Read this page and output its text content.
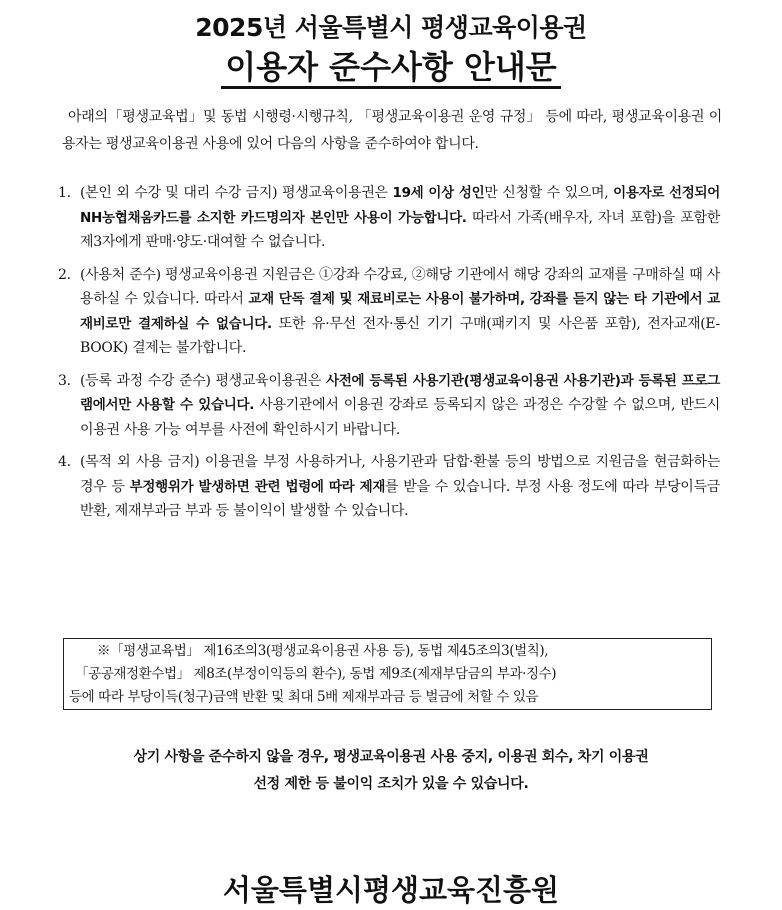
2025년 서울특별시 평생교육이용권
이용자 준수사항 안내문

아래의「평생교육법」및 동법 시행령·시행규칙, 「평생교육이용권 운영 규정」 등에 따라, 평생교육이용권 이용자는 평생교육이용권 사용에 있어 다음의 사항을 준수하여야 합니다.

1. (본인 외 수강 및 대리 수강 금지) 평생교육이용권은 19세 이상 성인만 신청할 수 있으며, 이용자로 선정되어 NH농협채움카드를 소지한 카드명의자 본인만 사용이 가능합니다. 따라서 가족(배우자, 자녀 포함)을 포함한 제3자에게 판매·양도·대여할 수 없습니다.
2. (사용처 준수) 평생교육이용권 지원금은 ①강좌 수강료, ②해당 기관에서 해당 강좌의 교재를 구매하실 때 사용하실 수 있습니다. 따라서 교재 단독 결제 및 재료비로는 사용이 불가하며, 강좌를 듣지 않는 타 기관에서 교재비로만 결제하실 수 없습니다. 또한 유·무선 전자·통신 기기 구매(패키지 및 사은품 포함), 전자교재(E-BOOK) 결제는 불가합니다.
3. (등록 과정 수강 준수) 평생교육이용권은 사전에 등록된 사용기관(평생교육이용권 사용기관)과 등록된 프로그램에서만 사용할 수 있습니다. 사용기관에서 이용권 강좌로 등록되지 않은 과정은 수강할 수 없으며, 반드시 이용권 사용 가능 여부를 사전에 확인하시기 바랍니다.
4. (목적 외 사용 금지) 이용권을 부정 사용하거나, 사용기관과 담합·환불 등의 방법으로 지원금을 현금화하는 경우 등 부정행위가 발생하면 관련 법령에 따라 제재를 받을 수 있습니다. 부정 사용 정도에 따라 부당이득금 반환, 제재부과금 부과 등 불이익이 발생할 수 있습니다.
※「평생교육법」 제16조의3(평생교육이용권 사용 등), 동법 제45조의3(벌칙),
「공공재정환수법」 제8조(부정이익등의 환수), 동법 제9조(제재부담금의 부과·징수)
등에 따라 부당이득(청구)금액 반환 및 최대 5배 제재부과금 등 벌금에 처할 수 있음
상기 사항을 준수하지 않을 경우, 평생교육이용권 사용 중지, 이용권 회수, 차기 이용권
선정 제한 등 불이익 조치가 있을 수 있습니다.
서울특별시평생교육진흥원
